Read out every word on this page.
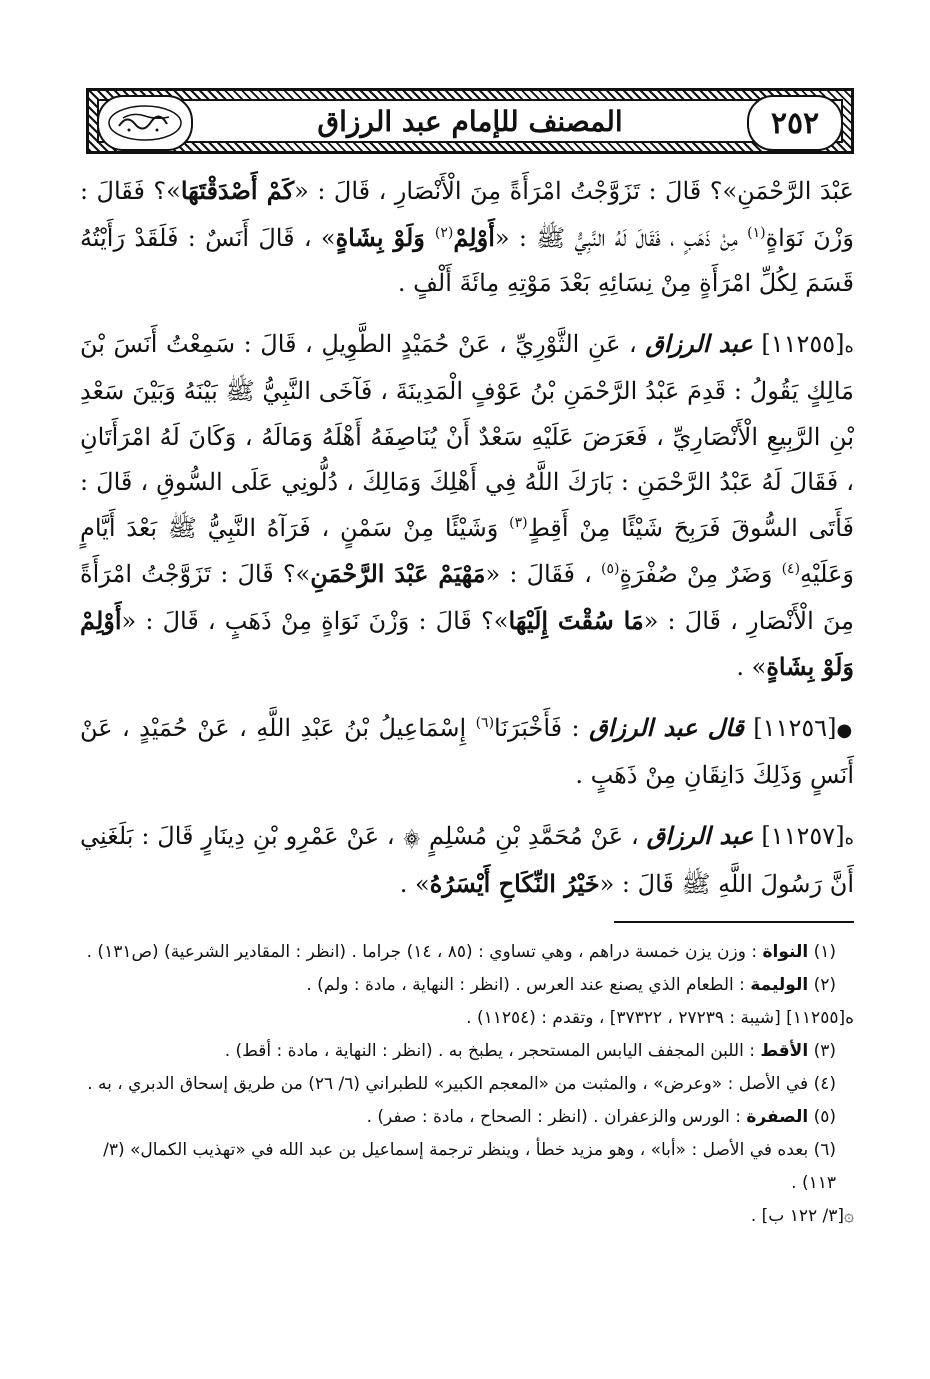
المصنف للإمام عبد الرزاق	٢٥٢

عَبْدَ الرَّحْمَنِ»؟ قَالَ : تَزَوَّجْتُ امْرَأَةً مِنَ الْأَنْصَارِ ، قَالَ : «كَمْ أَصْدَقْتَهَا»؟ فَقَالَ : وَزْنَ نَوَاةٍ$^{(١)}$ مِنْ ذَهَبٍ ، فَقَالَ لَهُ النَّبِيُّ ﷺ : «أَوْلِمْ$^{(٢)}$ وَلَوْ بِشَاةٍ» ، قَالَ أَنَسٌ : فَلَقَدْ رَأَيْتُهُ قَسَمَ لِكُلِّ امْرَأَةٍ مِنْ نِسَائِهِ بَعْدَ مَوْتِهِ مِائَةَ أَلْفٍ .

ه[١١٢٥٥] عبد الرزاق ، عَنِ الثَّوْرِيِّ ، عَنْ حُمَيْدٍ الطَّوِيلِ ، قَالَ : سَمِعْتُ أَنَسَ بْنَ مَالِكٍ يَقُولُ : قَدِمَ عَبْدُ الرَّحْمَنِ بْنُ عَوْفٍ الْمَدِينَةَ ، فَآخَى النَّبِيُّ ﷺ بَيْنَهُ وَبَيْنَ سَعْدِ بْنِ الرَّبِيعِ الْأَنْصَارِيِّ ، فَعَرَضَ عَلَيْهِ سَعْدٌ أَنْ يُنَاصِفَهُ أَهْلَهُ وَمَالَهُ ، وَكَانَ لَهُ امْرَأَتَانِ ، فَقَالَ لَهُ عَبْدُ الرَّحْمَنِ : بَارَكَ اللَّهُ فِي أَهْلِكَ وَمَالِكَ ، دُلُّونِي عَلَى السُّوقِ ، قَالَ : فَأَتَى السُّوقَ فَرَبِحَ شَيْئًا مِنْ أَقِطٍ$^{(٣)}$ وَشَيْئًا مِنْ سَمْنٍ ، فَرَآهُ النَّبِيُّ ﷺ بَعْدَ أَيَّامٍ وَعَلَيْهِ$^{(٤)}$ وَضَرٌ مِنْ صُفْرَةٍ$^{(٥)}$ ، فَقَالَ : «مَهْيَمْ عَبْدَ الرَّحْمَنِ»؟ قَالَ : تَزَوَّجْتُ امْرَأَةً مِنَ الْأَنْصَارِ ، قَالَ : «مَا سُقْتَ إِلَيْهَا»؟ قَالَ : وَزْنَ نَوَاةٍ مِنْ ذَهَبٍ ، قَالَ : «أَوْلِمْ وَلَوْ بِشَاةٍ» .

●[١١٢٥٦] قال عبد الرزاق : فَأَخْبَرَنَا$^{(٦)}$ إِسْمَاعِيلُ بْنُ عَبْدِ اللَّهِ ، عَنْ حُمَيْدٍ ، عَنْ أَنَسٍ وَذَلِكَ دَانِقَانِ مِنْ ذَهَبٍ .

ه[١١٢٥٧] عبد الرزاق ، عَنْ مُحَمَّدِ بْنِ مُسْلِمٍ ۞ ، عَنْ عَمْرِو بْنِ دِينَارٍ قَالَ : بَلَغَنِي أَنَّ رَسُولَ اللَّهِ ﷺ قَالَ : «خَيْرُ النِّكَاحِ أَيْسَرُهُ» .

(١) النواة : وزن يزن خمسة دراهم ، وهي تساوي : (٨٥ ، ١٤) جراما . (انظر : المقادير الشرعية) (ص١٣١) .

(٢) الوليمة : الطعام الذي يصنع عند العرس . (انظر : النهاية ، مادة : ولم) .

ه[١١٢٥٥] [شيبة : ٢٧٢٣٩ ، ٣٧٣٢٢] ، وتقدم : (١١٢٥٤) .

(٣) الأقط : اللبن المجفف اليابس المستحجر ، يطبخ به . (انظر : النهاية ، مادة : أقط) .

(٤) في الأصل : «وعرض» ، والمثبت من «المعجم الكبير» للطبراني (٦/ ٢٦) من طريق إسحاق الدبري ، به .

(٥) الصفرة : الورس والزعفران . (انظر : الصحاح ، مادة : صفر) .

(٦) بعده في الأصل : «أبا» ، وهو مزيد خطأ ، وينظر ترجمة إسماعيل بن عبد الله في «تهذيب الكمال» (٣/ ١١٣) .

۞[٣/ ١٢٢ ب] .
